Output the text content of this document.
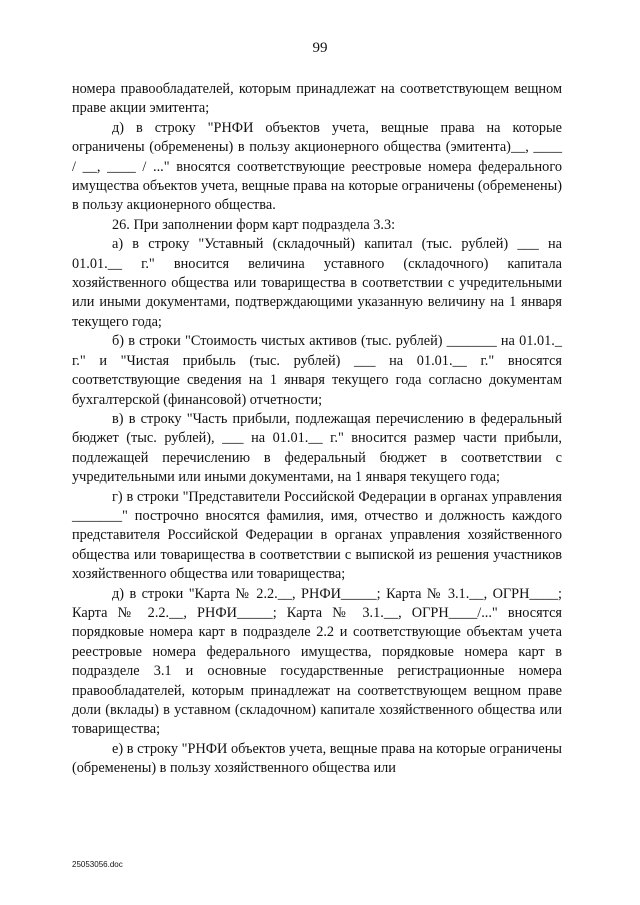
99

номера правообладателей, которым принадлежат на соответствующем вещном праве акции эмитента;

д) в строку "РНФИ объектов учета, вещные права на которые ограничены (обременены) в пользу акционерного общества (эмитента)__, ____ / __, ____ / ..." вносятся соответствующие реестровые номера федерального имущества объектов учета, вещные права на которые ограничены (обременены) в пользу акционерного общества.

26. При заполнении форм карт подраздела 3.3:

а) в строку "Уставный (складочный) капитал (тыс. рублей) ___ на 01.01.__ г." вносится величина уставного (складочного) капитала хозяйственного общества или товарищества в соответствии с учредительными или иными документами, подтверждающими указанную величину на 1 января текущего года;

б) в строки "Стоимость чистых активов (тыс. рублей) _______ на 01.01._ г." и "Чистая прибыль (тыс. рублей) ___ на 01.01.__ г." вносятся соответствующие сведения на 1 января текущего года согласно документам бухгалтерской (финансовой) отчетности;

в) в строку "Часть прибыли, подлежащая перечислению в федеральный бюджет (тыс. рублей), ___ на 01.01.__ г." вносится размер части прибыли, подлежащей перечислению в федеральный бюджет в соответствии с учредительными или иными документами, на 1 января текущего года;

г) в строки "Представители Российской Федерации в органах управления _______" построчно вносятся фамилия, имя, отчество и должность каждого представителя Российской Федерации в органах управления хозяйственного общества или товарищества в соответствии с выпиской из решения участников хозяйственного общества или товарищества;

д) в строки "Карта № 2.2.__, РНФИ_____; Карта № 3.1.__, ОГРН____; Карта № 2.2.__, РНФИ_____; Карта № 3.1.__, ОГРН____/..." вносятся порядковые номера карт в подразделе 2.2 и соответствующие объектам учета реестровые номера федерального имущества, порядковые номера карт в подразделе 3.1 и основные государственные регистрационные номера правообладателей, которым принадлежат на соответствующем вещном праве доли (вклады) в уставном (складочном) капитале хозяйственного общества или товарищества;

е) в строку "РНФИ объектов учета, вещные права на которые ограничены (обременены) в пользу хозяйственного общества или

25053056.doc
